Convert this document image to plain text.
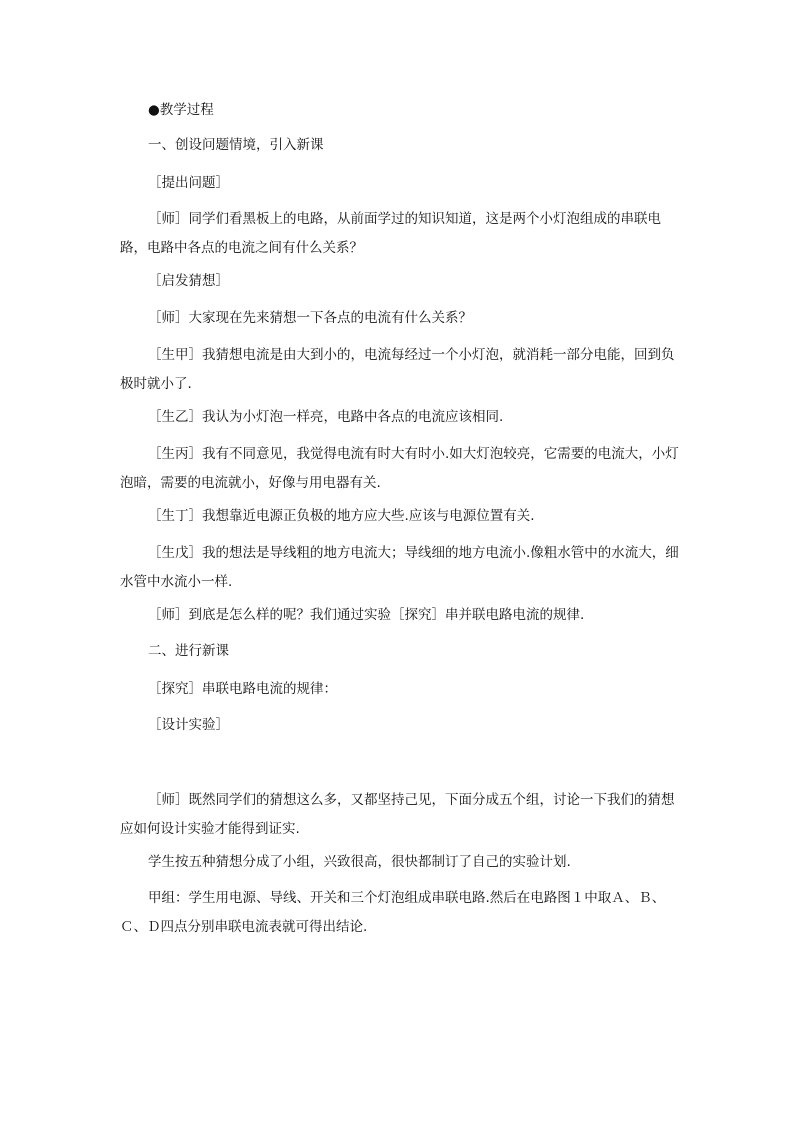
●教学过程

一、创设问题情境，引入新课

［提出问题］

［师］同学们看黑板上的电路，从前面学过的知识知道，这是两个小灯泡组成的串联电路，电路中各点的电流之间有什么关系？

［启发猜想］

［师］大家现在先来猜想一下各点的电流有什么关系？

［生甲］我猜想电流是由大到小的，电流每经过一个小灯泡，就消耗一部分电能，回到负极时就小了.

［生乙］我认为小灯泡一样亮，电路中各点的电流应该相同.

［生丙］我有不同意见，我觉得电流有时大有时小.如大灯泡较亮，它需要的电流大，小灯泡暗，需要的电流就小，好像与用电器有关.

［生丁］我想靠近电源正负极的地方应大些.应该与电源位置有关.

［生戊］我的想法是导线粗的地方电流大；导线细的地方电流小.像粗水管中的水流大，细水管中水流小一样.

［师］到底是怎么样的呢？我们通过实验［探究］串并联电路电流的规律.

二、进行新课

［探究］串联电路电流的规律：

［设计实验］

［师］既然同学们的猜想这么多，又都坚持己见，下面分成五个组，讨论一下我们的猜想应如何设计实验才能得到证实.

学生按五种猜想分成了小组，兴致很高，很快都制订了自己的实验计划.

甲组：学生用电源、导线、开关和三个灯泡组成串联电路.然后在电路图１中取Ａ、Ｂ、Ｃ、Ｄ四点分别串联电流表就可得出结论.
